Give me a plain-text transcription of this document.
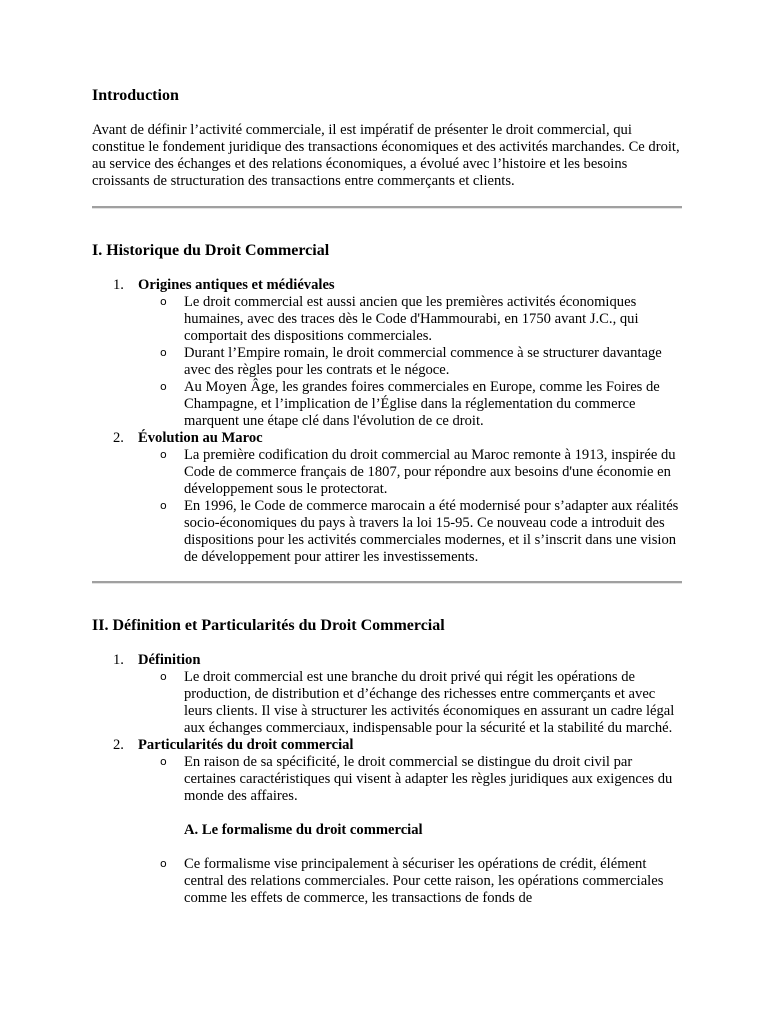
Introduction

Avant de définir l’activité commerciale, il est impératif de présenter le droit commercial, qui constitue le fondement juridique des transactions économiques et des activités marchandes. Ce droit, au service des échanges et des relations économiques, a évolué avec l’histoire et les besoins croissants de structuration des transactions entre commerçants et clients.

I. Historique du Droit Commercial
1. Origines antiques et médiévales
o Le droit commercial est aussi ancien que les premières activités économiques humaines, avec des traces dès le Code d'Hammourabi, en 1750 avant J.C., qui comportait des dispositions commerciales.
o Durant l’Empire romain, le droit commercial commence à se structurer davantage avec des règles pour les contrats et le négoce.
o Au Moyen Âge, les grandes foires commerciales en Europe, comme les Foires de Champagne, et l’implication de l’Église dans la réglementation du commerce marquent une étape clé dans l'évolution de ce droit.
2. Évolution au Maroc
o La première codification du droit commercial au Maroc remonte à 1913, inspirée du Code de commerce français de 1807, pour répondre aux besoins d'une économie en développement sous le protectorat.
o En 1996, le Code de commerce marocain a été modernisé pour s’adapter aux réalités socio-économiques du pays à travers la loi 15-95. Ce nouveau code a introduit des dispositions pour les activités commerciales modernes, et il s’inscrit dans une vision de développement pour attirer les investissements.
II. Définition et Particularités du Droit Commercial
1. Définition
o Le droit commercial est une branche du droit privé qui régit les opérations de production, de distribution et d’échange des richesses entre commerçants et avec leurs clients. Il vise à structurer les activités économiques en assurant un cadre légal aux échanges commerciaux, indispensable pour la sécurité et la stabilité du marché.
2. Particularités du droit commercial
o En raison de sa spécificité, le droit commercial se distingue du droit civil par certaines caractéristiques qui visent à adapter les règles juridiques aux exigences du monde des affaires.
A. Le formalisme du droit commercial
o Ce formalisme vise principalement à sécuriser les opérations de crédit, élément central des relations commerciales. Pour cette raison, les opérations commerciales comme les effets de commerce, les transactions de fonds de
